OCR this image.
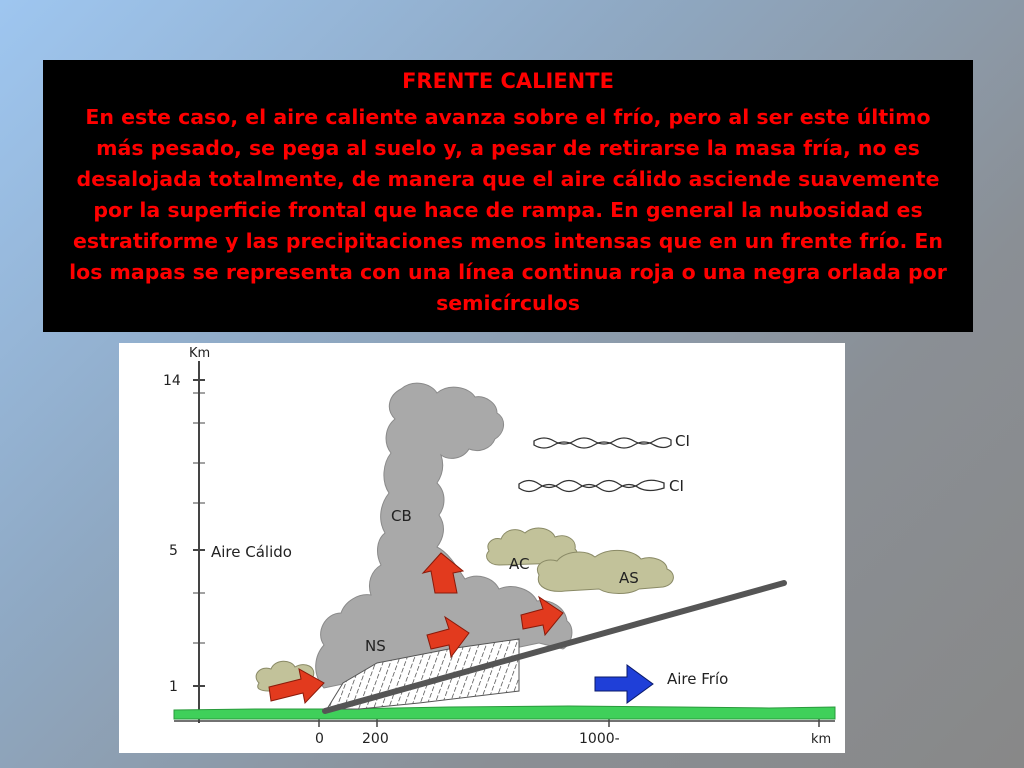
FRENTE CALIENTE
En este caso, el aire caliente avanza sobre el frío, pero al ser este último más pesado, se pega al suelo y, a pesar de retirarse la masa fría, no es desalojada totalmente, de manera que el aire cálido asciende suavemente por la superficie frontal que hace de rampa. En general la nubosidad es estratiforme y las precipitaciones menos intensas que en un frente frío. En los mapas se representa con una línea continua roja o una negra orlada por semicírculos
Km
14
5
1
0	200	1000-	km
CI
CI
CB
NS
AC
AS
Aire Cálido
Aire Frío
